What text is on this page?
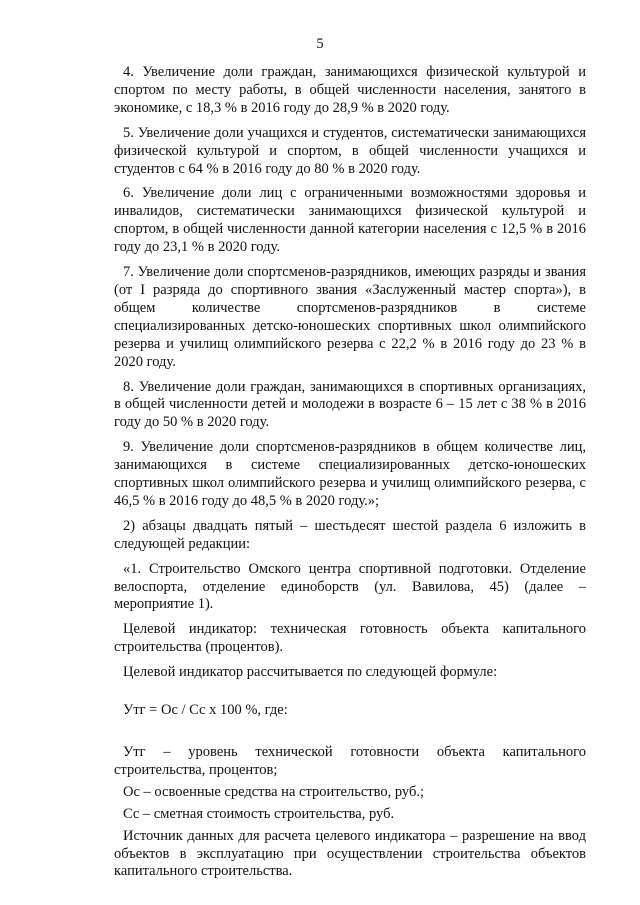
5

4. Увеличение доли граждан, занимающихся физической культурой и спортом по месту работы, в общей численности населения, занятого в экономике, с 18,3 % в 2016 году до 28,9 % в 2020 году.

5. Увеличение доли учащихся и студентов, систематически занимающихся физической культурой и спортом, в общей численности учащихся и студентов с 64 % в 2016 году до 80 % в 2020 году.

6. Увеличение доли лиц с ограниченными возможностями здоровья и инвалидов, систематически занимающихся физической культурой и спортом, в общей численности данной категории населения с 12,5 % в 2016 году до 23,1 % в 2020 году.

7. Увеличение доли спортсменов-разрядников, имеющих разряды и звания (от I разряда до спортивного звания «Заслуженный мастер спорта»), в общем количестве спортсменов-разрядников в системе специализированных детско-юношеских спортивных школ олимпийского резерва и училищ олимпийского резерва с 22,2 % в 2016 году до 23 % в 2020 году.

8. Увеличение доли граждан, занимающихся в спортивных организациях, в общей численности детей и молодежи в возрасте 6 – 15 лет с 38 % в 2016 году до 50 % в 2020 году.

9. Увеличение доли спортсменов-разрядников в общем количестве лиц, занимающихся в системе специализированных детско-юношеских спортивных школ олимпийского резерва и училищ олимпийского резерва, с 46,5 % в 2016 году до 48,5 % в 2020 году.»;

2) абзацы двадцать пятый – шестьдесят шестой раздела 6 изложить в следующей редакции:

«1. Строительство Омского центра спортивной подготовки. Отделение велоспорта, отделение единоборств (ул. Вавилова, 45) (далее – мероприятие 1).

Целевой индикатор: техническая готовность объекта капитального строительства (процентов).

Целевой индикатор рассчитывается по следующей формуле:

Утг = Ос / Сс х 100 %, где:

Утг – уровень технической готовности объекта капитального строительства, процентов;

Ос – освоенные средства на строительство, руб.;

Сс – сметная стоимость строительства, руб.

Источник данных для расчета целевого индикатора – разрешение на ввод объектов в эксплуатацию при осуществлении строительства объектов капитального строительства.
